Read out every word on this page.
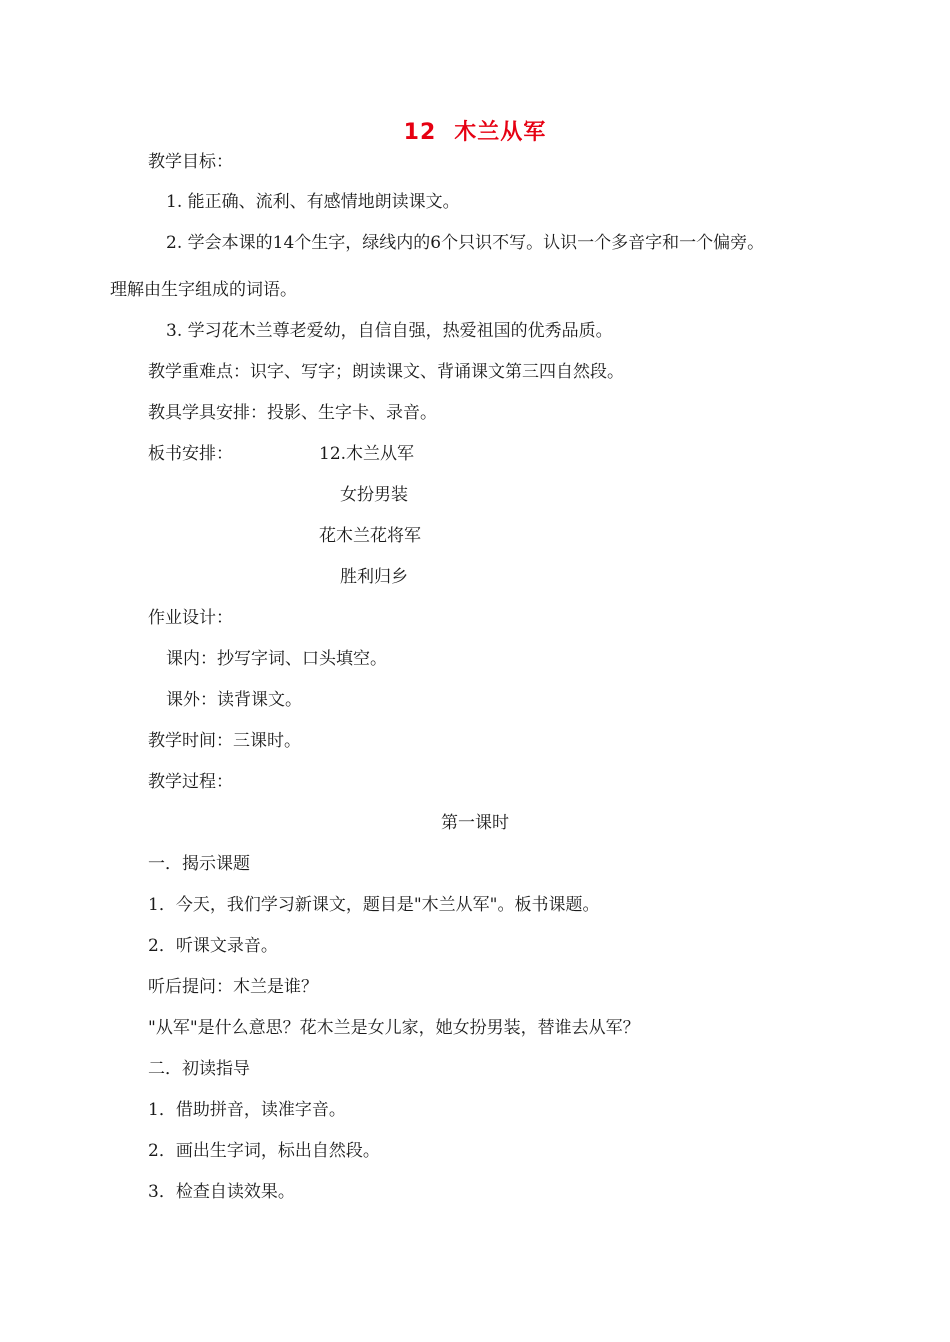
12 木兰从军
教学目标：
1. 能正确、流利、有感情地朗读课文。
2. 学会本课的14个生字，绿线内的6个只识不写。认识一个多音字和一个偏旁。
理解由生字组成的词语。
3. 学习花木兰尊老爱幼，自信自强，热爱祖国的优秀品质。
教学重难点：识字、写字；朗读课文、背诵课文第三四自然段。
教具学具安排：投影、生字卡、录音。
板书安排：	12.木兰从军
女扮男装
花木兰花将军
胜利归乡
作业设计：
课内：抄写字词、口头填空。
课外：读背课文。
教学时间：三课时。
教学过程：
第一课时
一．揭示课题
1．今天，我们学习新课文，题目是"木兰从军"。板书课题。
2．听课文录音。
听后提问：木兰是谁？
"从军"是什么意思？花木兰是女儿家，她女扮男装，替谁去从军？
二．初读指导
1．借助拼音，读准字音。
2．画出生字词，标出自然段。
3．检查自读效果。
